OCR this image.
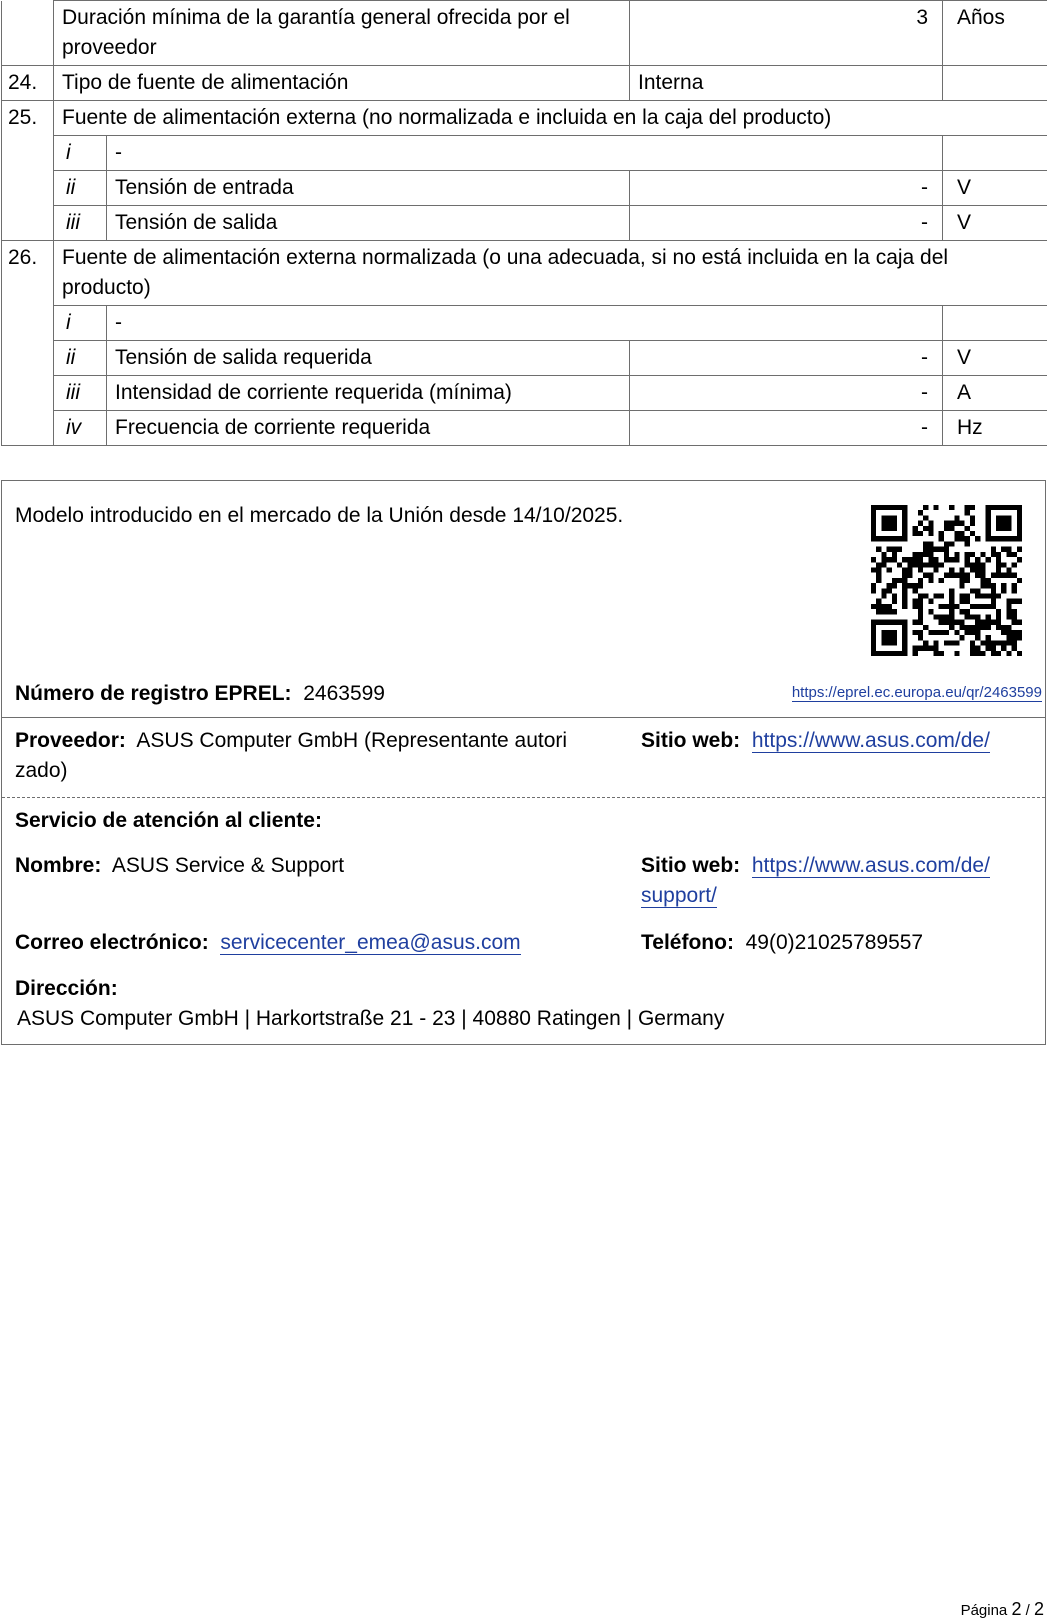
	Duración mínima de la garantía general ofrecida por el proveedor		3	Años
24.	Tipo de fuente de alimentación		Interna	
25.	Fuente de alimentación externa (no normalizada e incluida en la caja del producto)			
	i	-		
	ii	Tensión de entrada	-	V
	iii	Tensión de salida	-	V
26.	Fuente de alimentación externa normalizada (o una adecuada, si no está incluida en la caja del producto)			
	i	-		
	ii	Tensión de salida requerida	-	V
	iii	Intensidad de corriente requerida (mínima)	-	A
	iv	Frecuencia de corriente requerida	-	Hz
Modelo introducido en el mercado de la Unión desde 14/10/2025.
Número de registro EPREL: 2463599	https://eprel.ec.europa.eu/qr/2463599
Proveedor: ASUS Computer GmbH (Representante autori
zado)
Sitio web: https://www.asus.com/de/
Servicio de atención al cliente:
Nombre: ASUS Service & Support	Sitio web: https://www.asus.com/de/
support/
Correo electrónico: servicecenter_emea@asus.com	Teléfono: 49(0)21025789557
Dirección:
ASUS Computer GmbH | Harkortstraße 21 - 23 | 40880 Ratingen | Germany
Página 2 / 2
